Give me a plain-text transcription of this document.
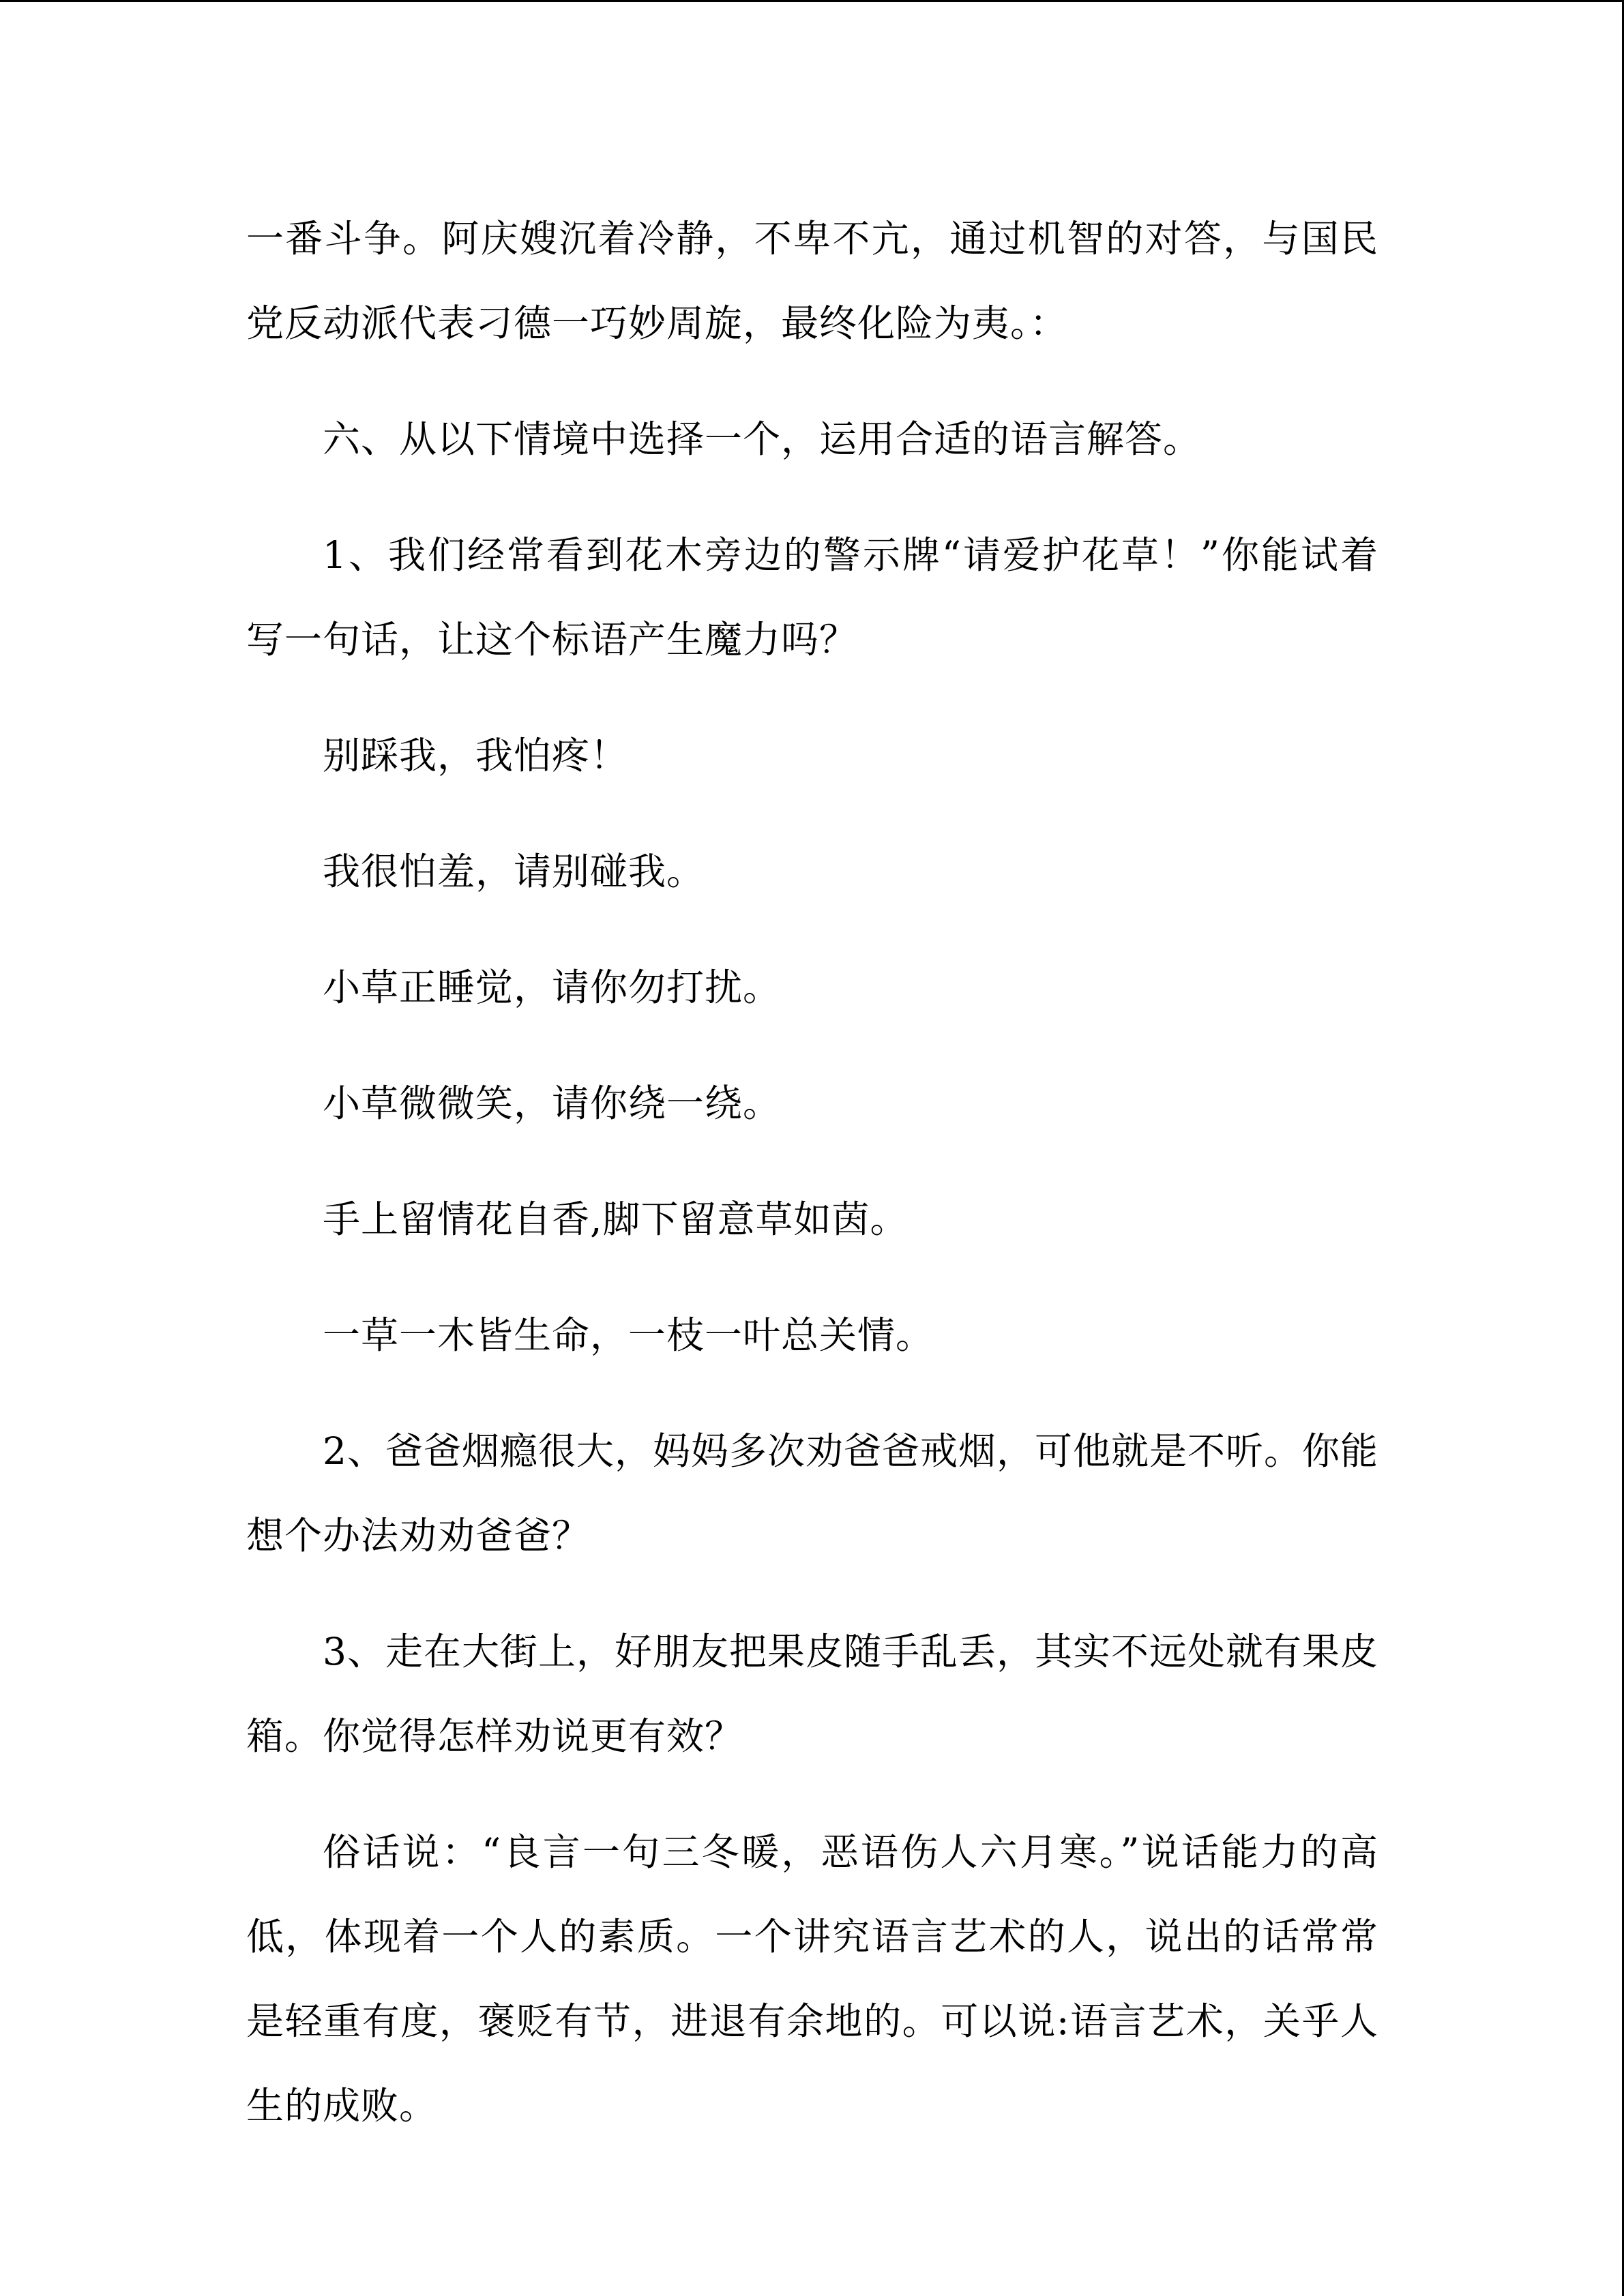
一番斗争。阿庆嫂沉着冷静，不卑不亢，通过机智的对答，与国民党反动派代表刁德一巧妙周旋，最终化险为夷。：

六、从以下情境中选择一个，运用合适的语言解答。

1、我们经常看到花木旁边的警示牌“请爱护花草！”你能试着写一句话，让这个标语产生魔力吗？

别踩我，我怕疼！

我很怕羞，请别碰我。

小草正睡觉，请你勿打扰。

小草微微笑，请你绕一绕。

手上留情花自香,脚下留意草如茵。

一草一木皆生命，一枝一叶总关情。

2、爸爸烟瘾很大，妈妈多次劝爸爸戒烟，可他就是不听。你能想个办法劝劝爸爸？

3、走在大街上，好朋友把果皮随手乱丢，其实不远处就有果皮箱。你觉得怎样劝说更有效？

俗话说：“良言一句三冬暖，恶语伤人六月寒。”说话能力的高低，体现着一个人的素质。一个讲究语言艺术的人，说出的话常常是轻重有度，褒贬有节，进退有余地的。可以说:语言艺术，关乎人生的成败。
